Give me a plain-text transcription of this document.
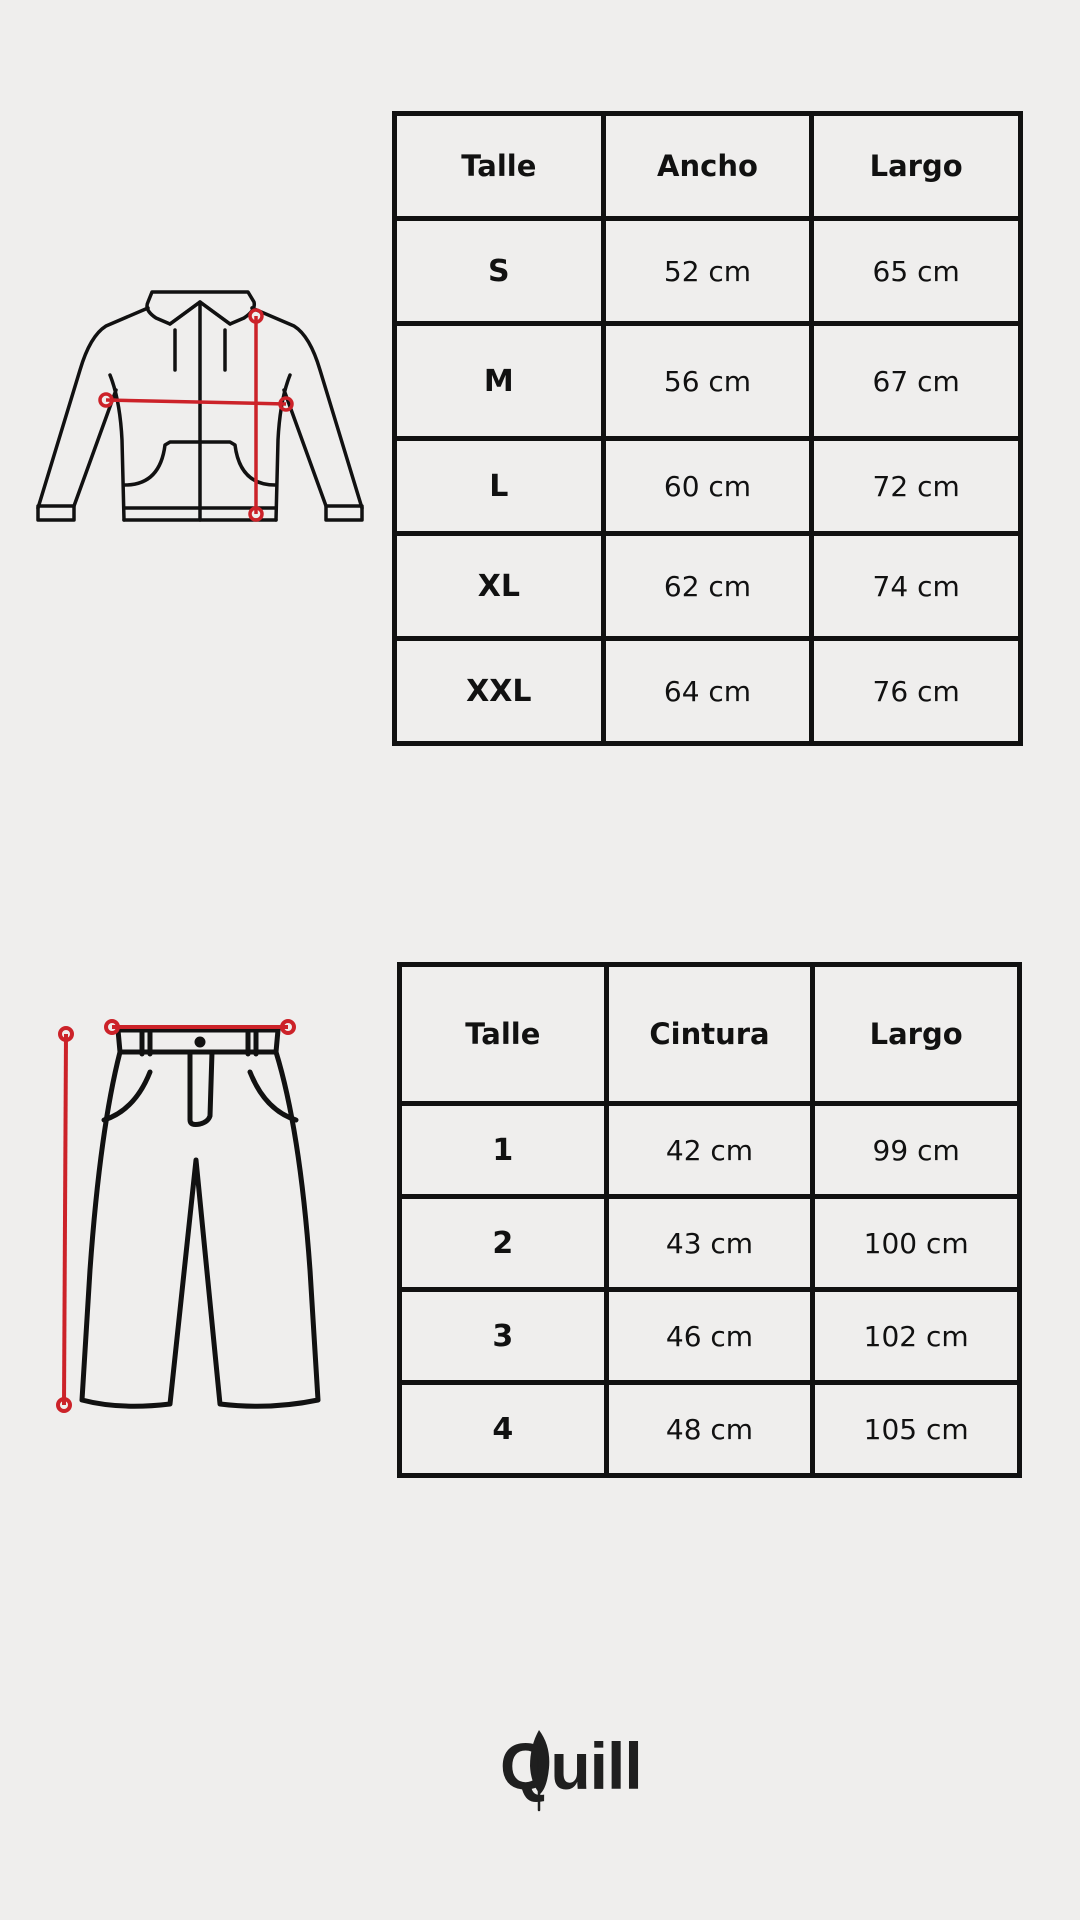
Talle	Ancho	Largo
S	52 cm	65 cm
M	56 cm	67 cm
L	60 cm	72 cm
XL	62 cm	74 cm
XXL	64 cm	76 cm
Talle	Cintura	Largo
1	42 cm	99 cm
2	43 cm	100 cm
3	46 cm	102 cm
4	48 cm	105 cm
Quill
